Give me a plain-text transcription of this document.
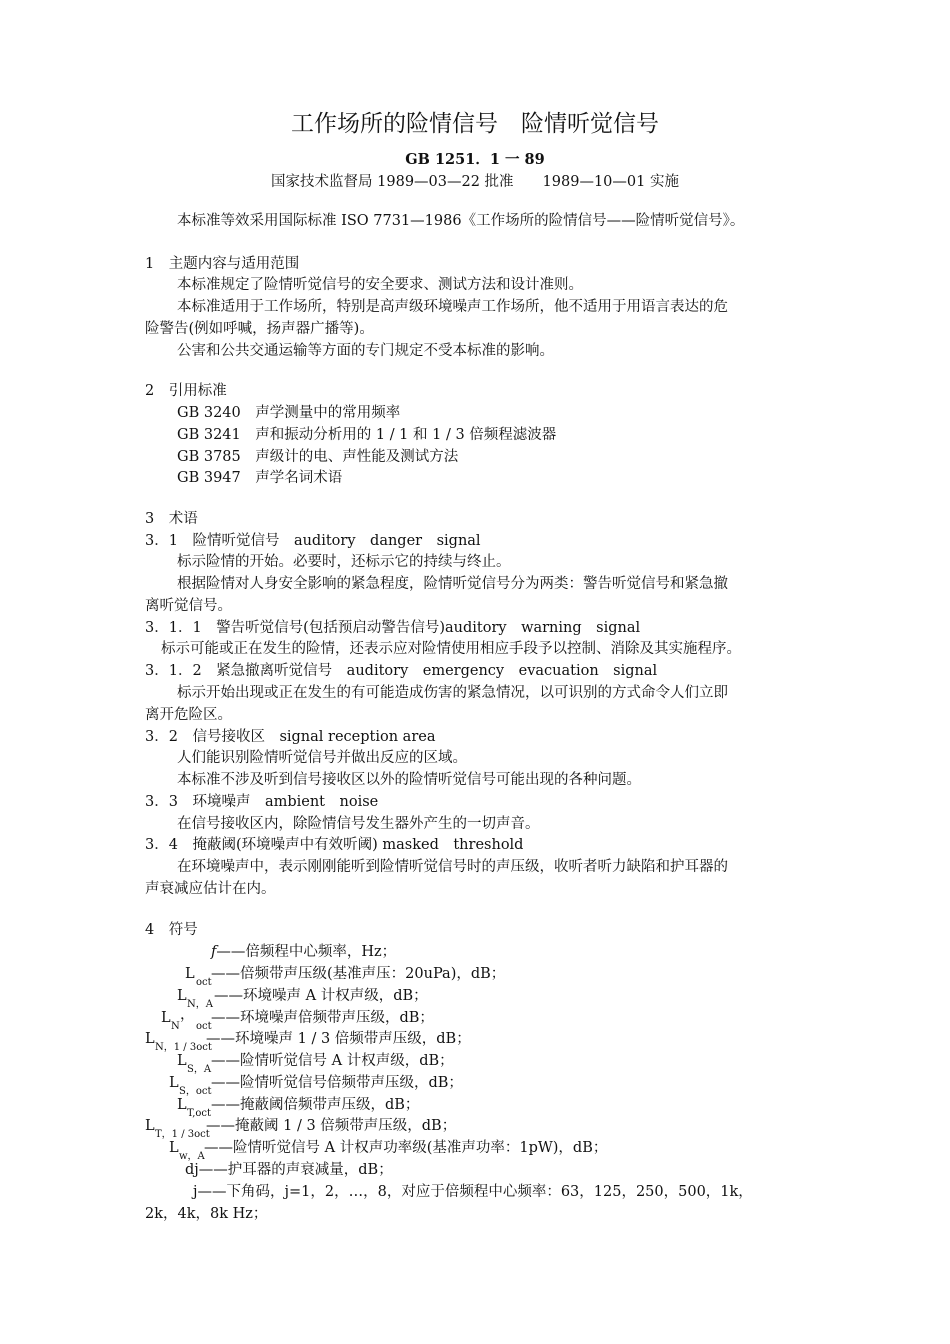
工作场所的险情信号　险情听觉信号
GB 1251．1 一 89
国家技术监督局 1989—03—22 批准　　1989—10—01 实施
本标准等效采用国际标准 ISO 7731—1986《工作场所的险情信号——险情听觉信号》。
1　主题内容与适用范围
本标准规定了险情听觉信号的安全要求、测试方法和设计准则。
本标准适用于工作场所，特别是高声级环境噪声工作场所，他不适用于用语言表达的危
险警告(例如呼喊，扬声器广播等)。
公害和公共交通运输等方面的专门规定不受本标准的影响。
2　引用标准
GB 3240　声学测量中的常用频率
GB 3241　声和振动分析用的 1 / 1 和 1 / 3 倍频程滤波器
GB 3785　声级计的电、声性能及测试方法
GB 3947　声学名词术语
3　术语
3．1　险情听觉信号　auditory　danger　signal
标示险情的开始。必要时，还标示它的持续与终止。
根据险情对人身安全影响的紧急程度，险情听觉信号分为两类：警告听觉信号和紧急撤
离听觉信号。
3．1．1　警告听觉信号(包括预启动警告信号)auditory　warning　signal
标示可能或正在发生的险情，还表示应对险情使用相应手段予以控制、消除及其实施程序。
3．1．2　紧急撤离听觉信号　auditory　emergency　evacuation　signal
标示开始出现或正在发生的有可能造成伤害的紧急情况，以可识别的方式命令人们立即
离开危险区。
3．2　信号接收区　signal reception area
人们能识别险情听觉信号并做出反应的区域。
本标准不涉及听到信号接收区以外的险情听觉信号可能出现的各种问题。
3．3　环境噪声　ambient　noise
在信号接收区内，除险情信号发生器外产生的一切声音。
3．4　掩蔽阈(环境噪声中有效听阈) masked　threshold
在环境噪声中，表示刚刚能听到险情听觉信号时的声压级，收听者听力缺陷和护耳器的
声衰减应估计在内。
4　符号
f——倍频程中心频率，Hz；
L
oct
——倍频带声压级(基准声压：20uPa)，dB；
L
N，A
——环境噪声 A 计权声级，dB；
L
N
，
oct
——环境噪声倍频带声压级，dB；
L
N，1 / 3oct
——环境噪声 1 / 3 倍频带声压级，dB；
L
S，A
——险情听觉信号 A 计权声级，dB；
L
S，oct
——险情听觉信号倍频带声压级，dB；
L
T,oct
——掩蔽阈倍频带声压级，dB；
L
T，1 / 3oct
——掩蔽阈 1 / 3 倍频带声压级，dB；
L
w，A
——险情听觉信号 A 计权声功率级(基准声功率：1pW)，dB；
dj——护耳器的声衰减量，dB；
j——下角码，j=1，2，…，8，对应于倍频程中心频率：63，125，250，500，1k，
2k，4k，8k Hz；
